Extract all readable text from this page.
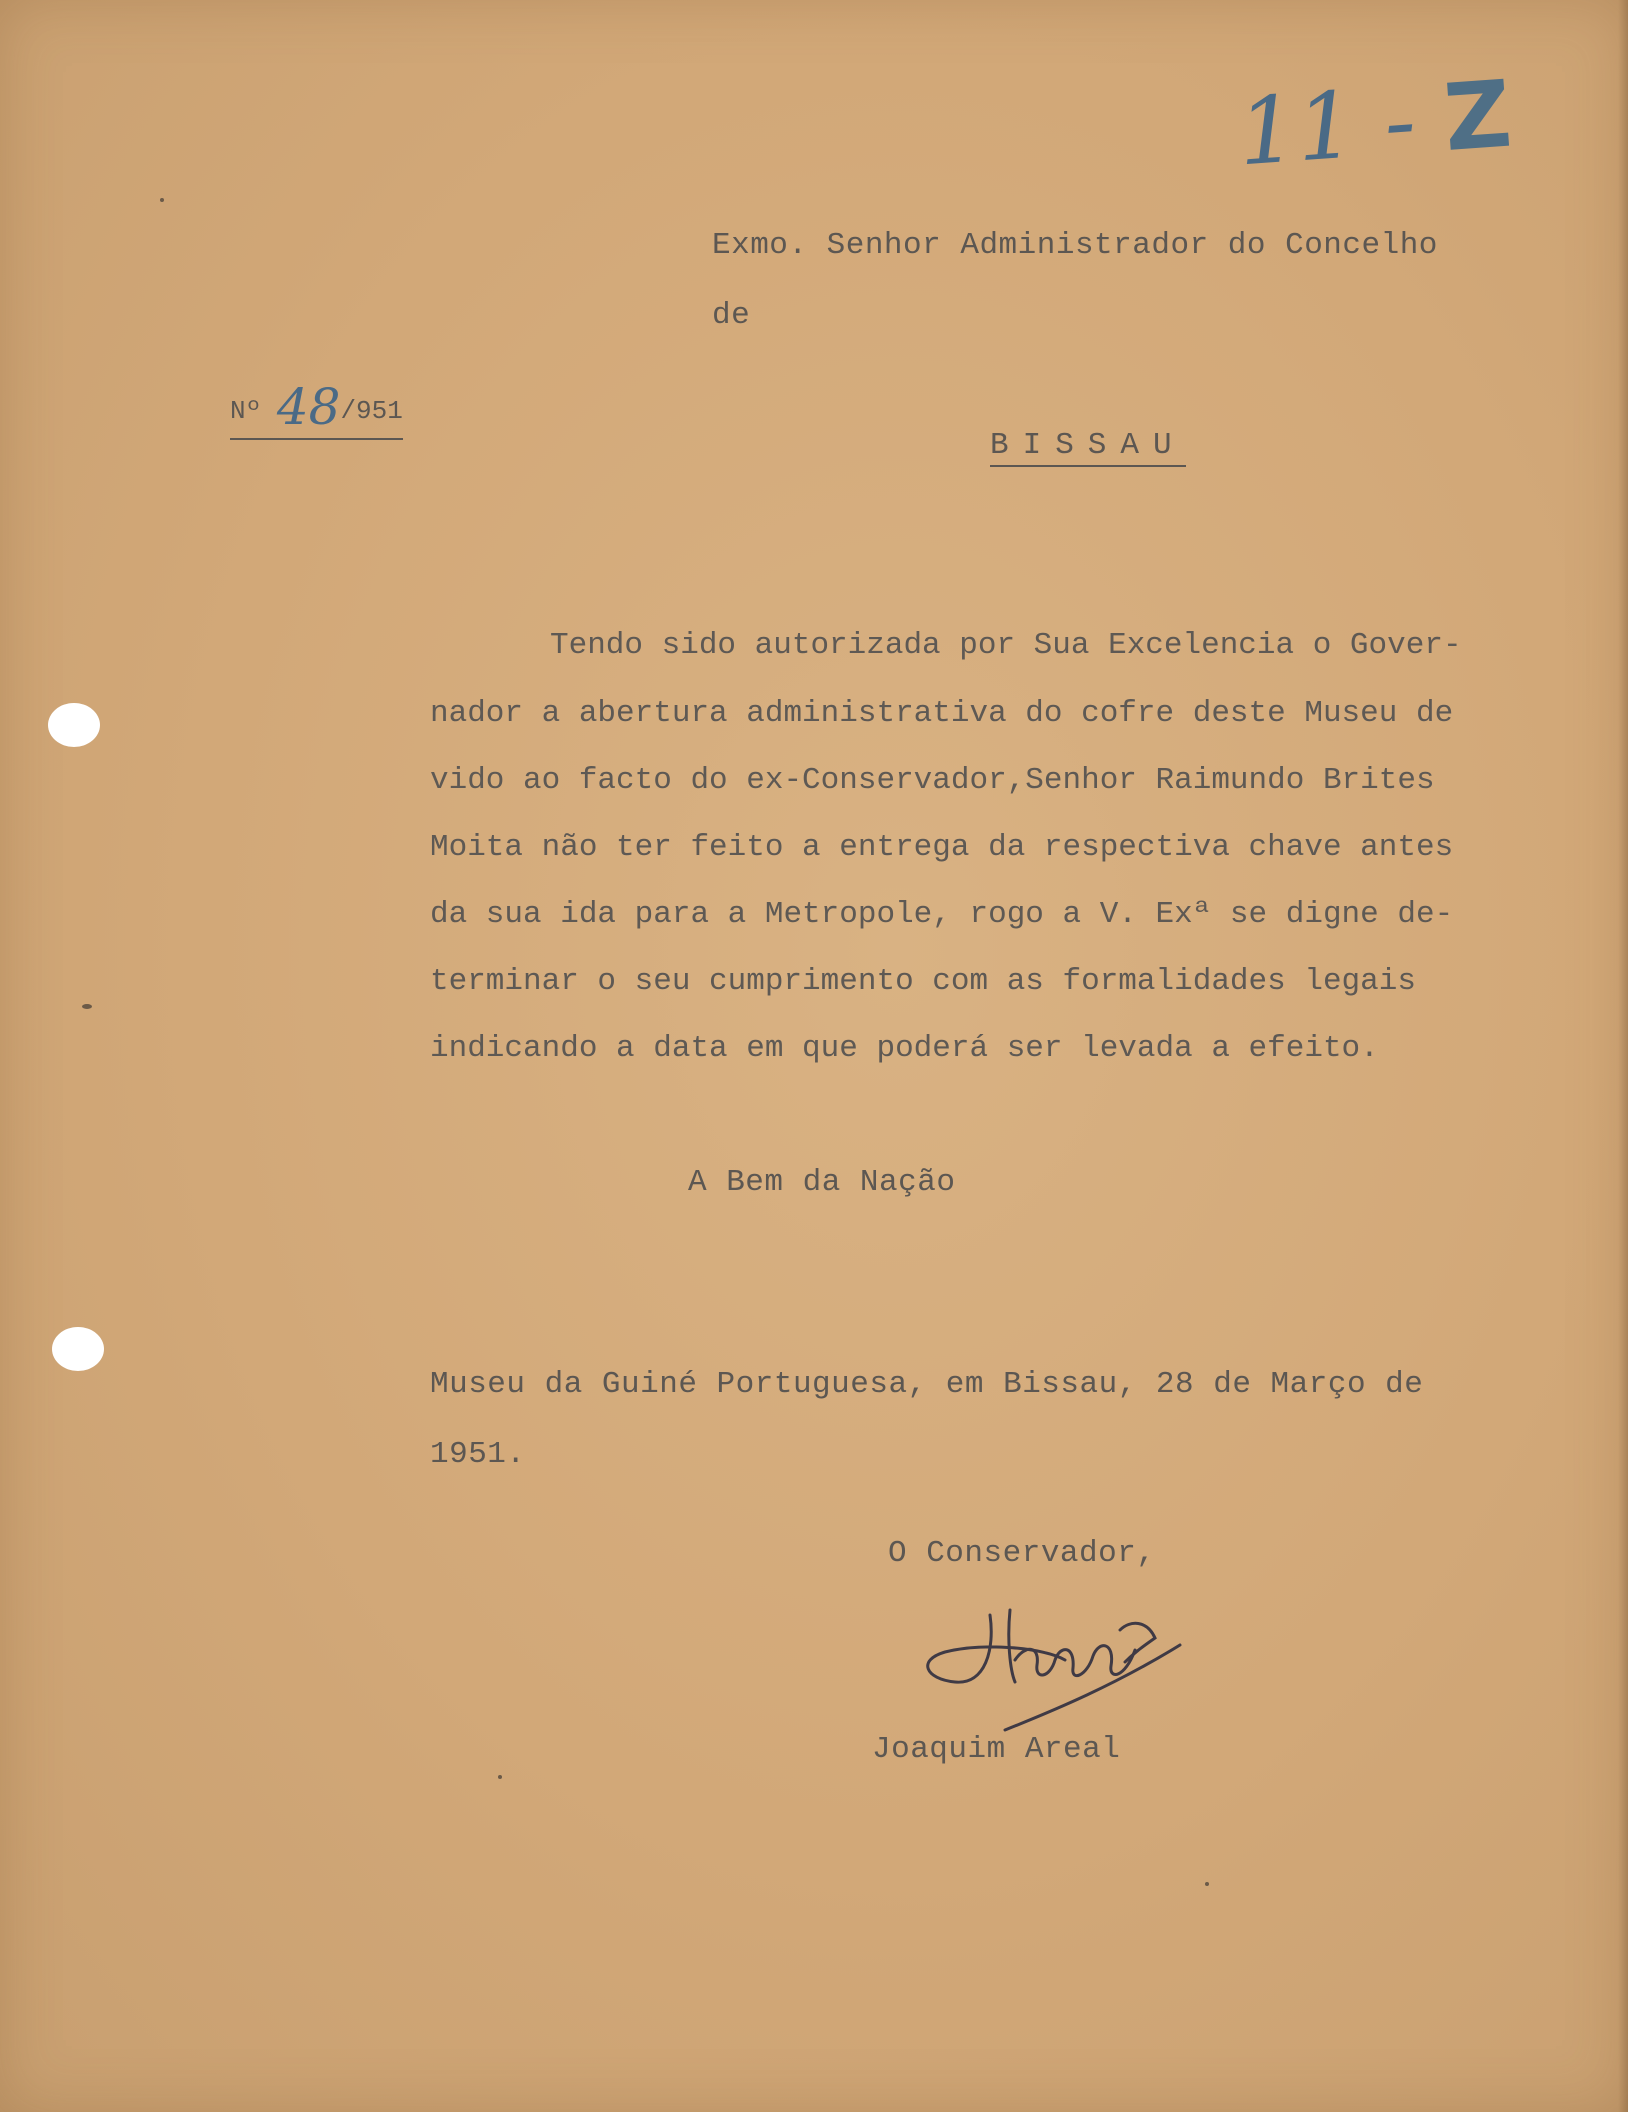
11 - Z
Exmo. Senhor Administrador do Concelho
de
Nº 48/951
BISSAU
Tendo sido autorizada por Sua Excelencia o Gover-
nador a abertura administrativa do cofre deste Museu de
vido ao facto do ex-Conservador,Senhor Raimundo Brites
Moita não ter feito a entrega da respectiva chave antes
da sua ida para a Metropole, rogo a V. Exª se digne de-
terminar o seu cumprimento com as formalidades legais
indicando a data em que poderá ser levada a efeito.
A Bem da Nação
Museu da Guiné Portuguesa, em Bissau, 28 de Março de
1951.
O Conservador,
Joaquim Areal
